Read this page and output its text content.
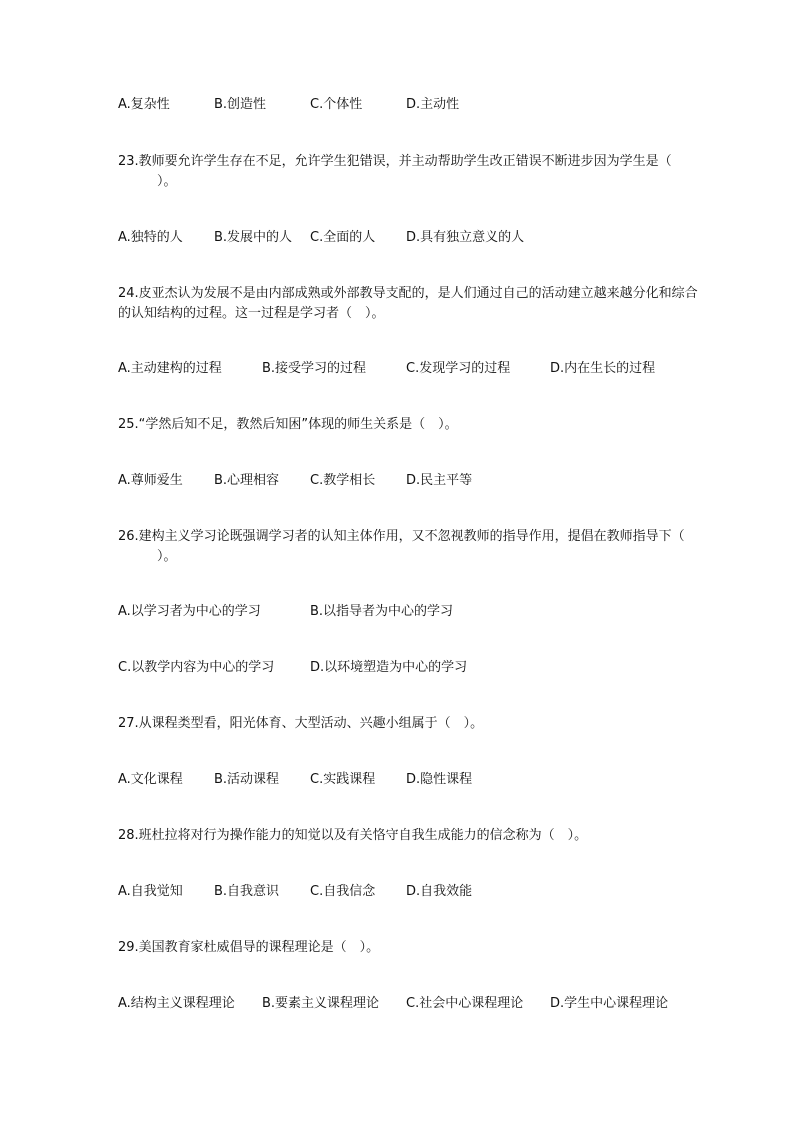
A.复杂性	B.创造性	C.个体性	D.主动性
23.教师要允许学生存在不足，允许学生犯错误，并主动帮助学生改正错误不断进步因为学生是（
　　　）。
A.独特的人 B.发展中的人 C.全面的人 D.具有独立意义的人
24.皮亚杰认为发展不是由内部成熟或外部教导支配的，是人们通过自己的活动建立越来越分化和综合
的认知结构的过程。这一过程是学习者（　）。
A.主动建构的过程	B.接受学习的过程	C.发现学习的过程	D.内在生长的过程
25.“学然后知不足，教然后知困”体现的师生关系是（　）。
A.尊师爱生 B.心理相容 C.教学相长 D.民主平等
26.建构主义学习论既强调学习者的认知主体作用，又不忽视教师的指导作用，提倡在教师指导下（
　　　）。
A.以学习者为中心的学习	B.以指导者为中心的学习
C.以教学内容为中心的学习	D.以环境塑造为中心的学习
27.从课程类型看，阳光体育、大型活动、兴趣小组属于（　）。
A.文化课程 B.活动课程 C.实践课程 D.隐性课程
28.班杜拉将对行为操作能力的知觉以及有关恪守自我生成能力的信念称为（　）。
A.自我觉知 B.自我意识 C.自我信念 D.自我效能
29.美国教育家杜威倡导的课程理论是（　）。
A.结构主义课程理论 B.要素主义课程理论 C.社会中心课程理论 D.学生中心课程理论
